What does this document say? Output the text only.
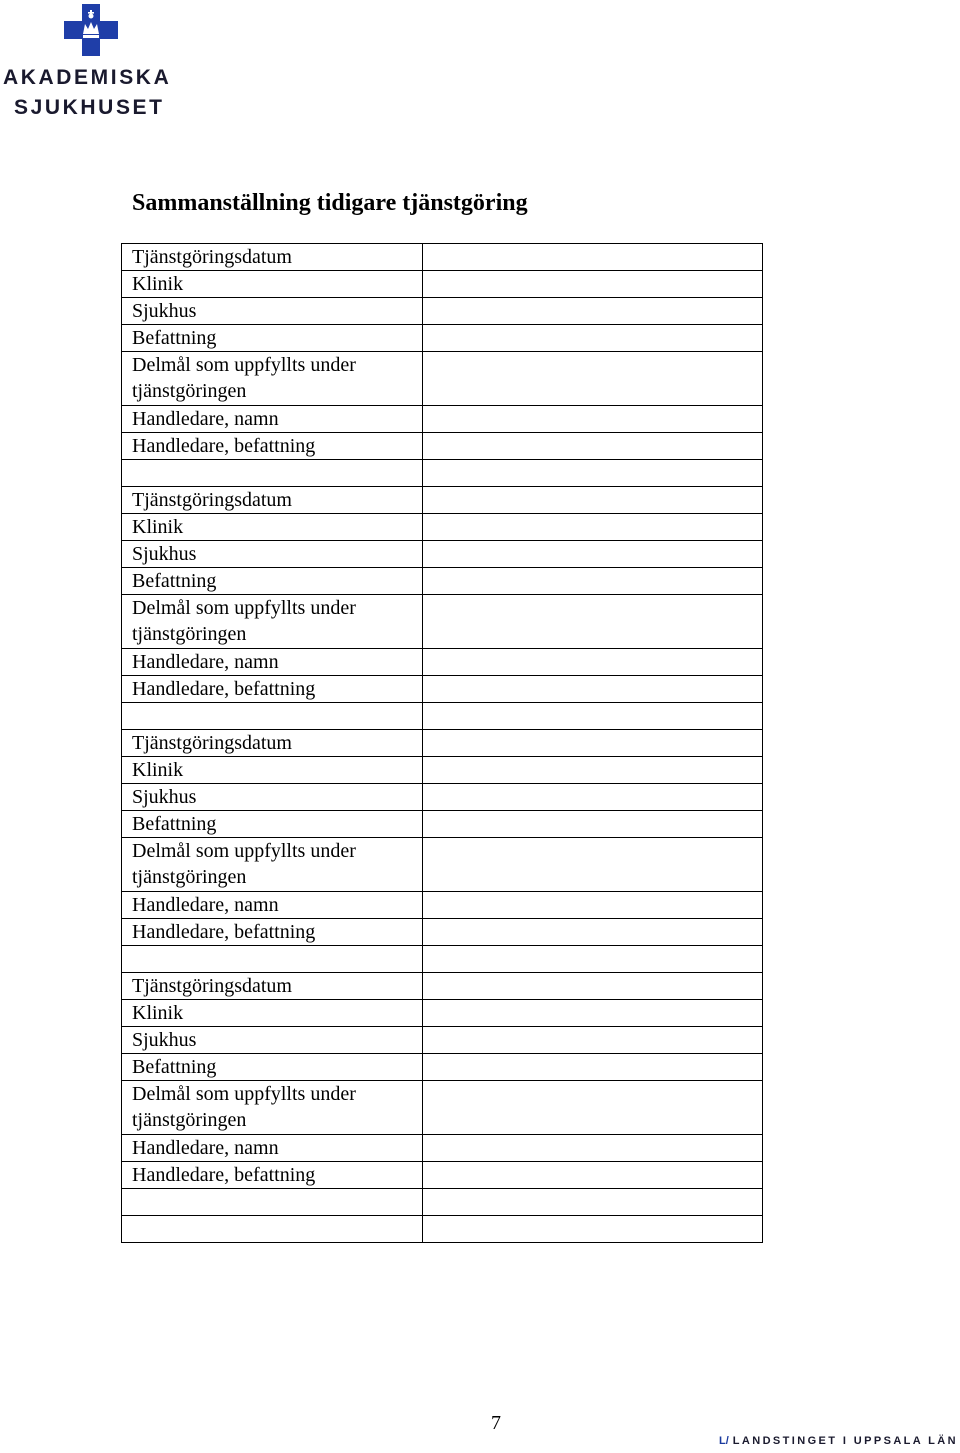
AKADEMISKA
SJUKHUSET
Sammanställning tidigare tjänstgöring
Tjänstgöringsdatum	
Klinik	
Sjukhus	
Befattning	
Delmål som uppfyllts under tjänstgöringen	
Handledare, namn	
Handledare, befattning	

Tjänstgöringsdatum	
Klinik	
Sjukhus	
Befattning	
Delmål som uppfyllts under tjänstgöringen	
Handledare, namn	
Handledare, befattning	

Tjänstgöringsdatum	
Klinik	
Sjukhus	
Befattning	
Delmål som uppfyllts under tjänstgöringen	
Handledare, namn	
Handledare, befattning	

Tjänstgöringsdatum	
Klinik	
Sjukhus	
Befattning	
Delmål som uppfyllts under tjänstgöringen	
Handledare, namn	
Handledare, befattning	

7
L/ LANDSTINGET I UPPSALA LÄN
